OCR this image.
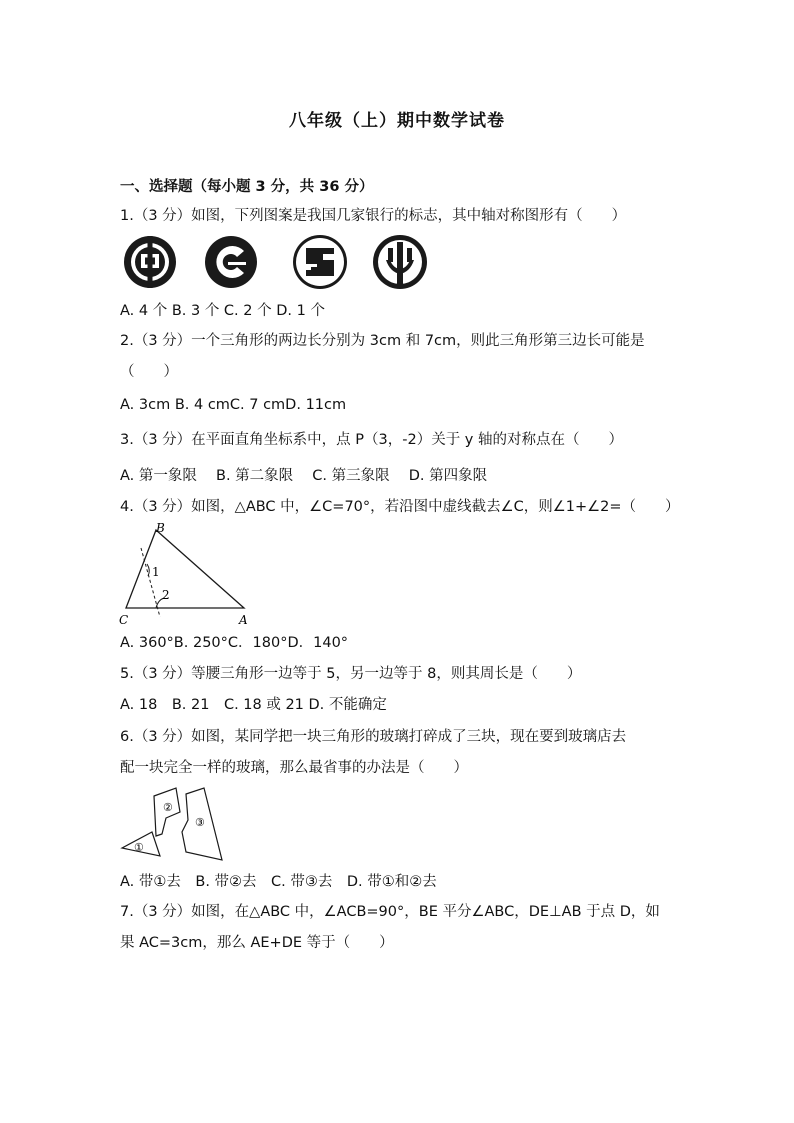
八年级（上）期中数学试卷
一、选择题（每小题 3 分，共 36 分）
1.（3 分）如图，下列图案是我国几家银行的标志，其中轴对称图形有（　　）
A. 4 个 B. 3 个 C. 2 个 D. 1 个
2.（3 分）一个三角形的两边长分别为 3cm 和 7cm，则此三角形第三边长可能是
（　　）
A. 3cm B. 4 cmC. 7 cmD. 11cm
3.（3 分）在平面直角坐标系中，点 P（3，-2）关于 y 轴的对称点在（　　）
A. 第一象限　 B. 第二象限　 C. 第三象限　 D. 第四象限
4.（3 分）如图，△ABC 中，∠C=70°，若沿图中虚线截去∠C，则∠1+∠2=（　　）
B
C	A
1
2
A. 360°B. 250°C．180°D．140°
5.（3 分）等腰三角形一边等于 5，另一边等于 8，则其周长是（　　）
A. 18　B. 21　C. 18 或 21 D. 不能确定
6.（3 分）如图，某同学把一块三角形的玻璃打碎成了三块，现在要到玻璃店去
配一块完全一样的玻璃，那么最省事的办法是（　　）
①
②
③
A. 带①去　B. 带②去　C. 带③去　D. 带①和②去
7.（3 分）如图，在△ABC 中，∠ACB=90°，BE 平分∠ABC，DE⊥AB 于点 D，如
果 AC=3cm，那么 AE+DE 等于（　　）
